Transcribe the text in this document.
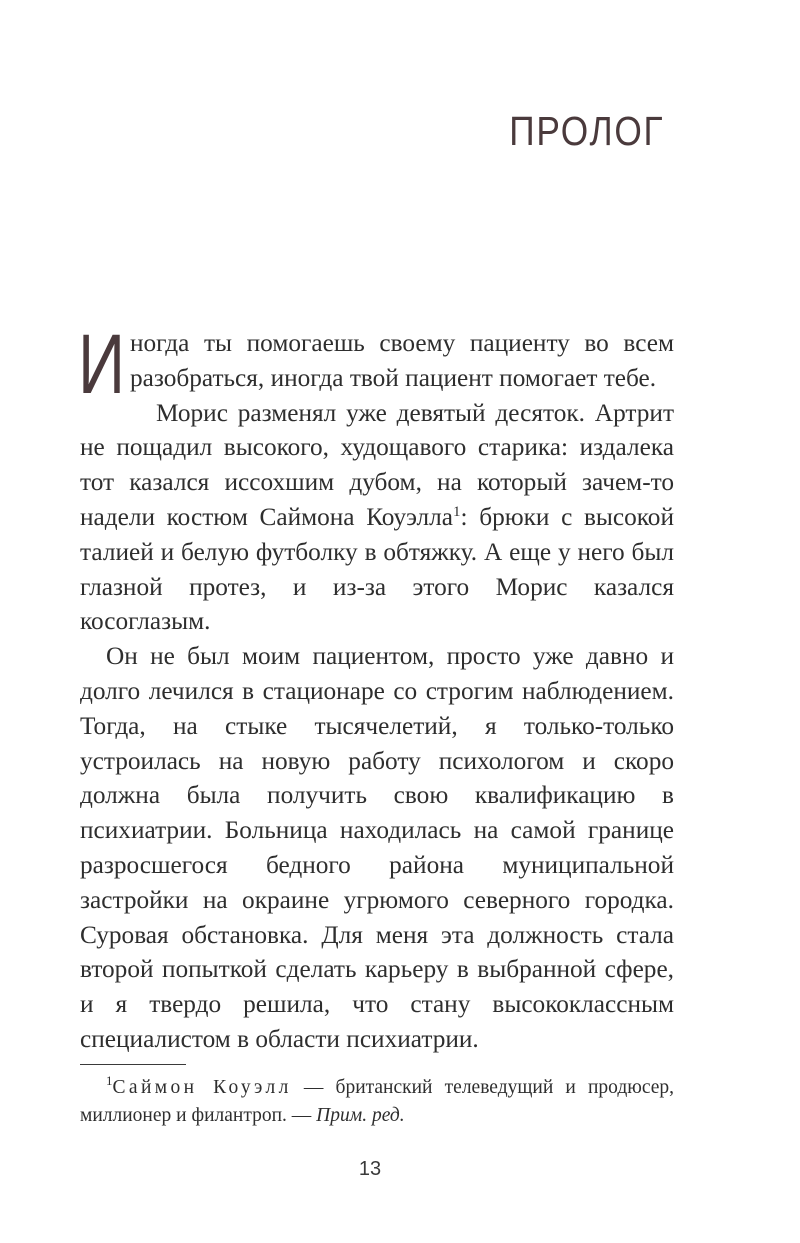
ПРОЛОГ

Иногда ты помогаешь своему пациенту во всем разобраться, иногда твой пациент помогает тебе.

Морис разменял уже девятый десяток. Артрит не пощадил высокого, худощавого старика: издалека тот казался иссохшим дубом, на который зачем-то надели костюм Саймона Коуэлла$^1$: брюки с высокой талией и белую футболку в обтяжку. А еще у него был глазной протез, и из-за этого Морис казался косоглазым.

Он не был моим пациентом, просто уже давно и долго лечился в стационаре со строгим наблюдением. Тогда, на стыке тысячелетий, я только-только устроилась на новую работу психологом и скоро должна была получить свою квалификацию в психиатрии. Больница находилась на самой границе разросшегося бедного района муниципальной застройки на окраине угрюмого северного городка. Суровая обстановка. Для меня эта должность стала второй попыткой сделать карьеру в выбранной сфере, и я твердо решила, что стану высококлассным специалистом в области психиатрии.

$^1$Саймон Коуэлл — британский телеведущий и продюсер, миллионер и филантроп. — Прим. ред.

13
